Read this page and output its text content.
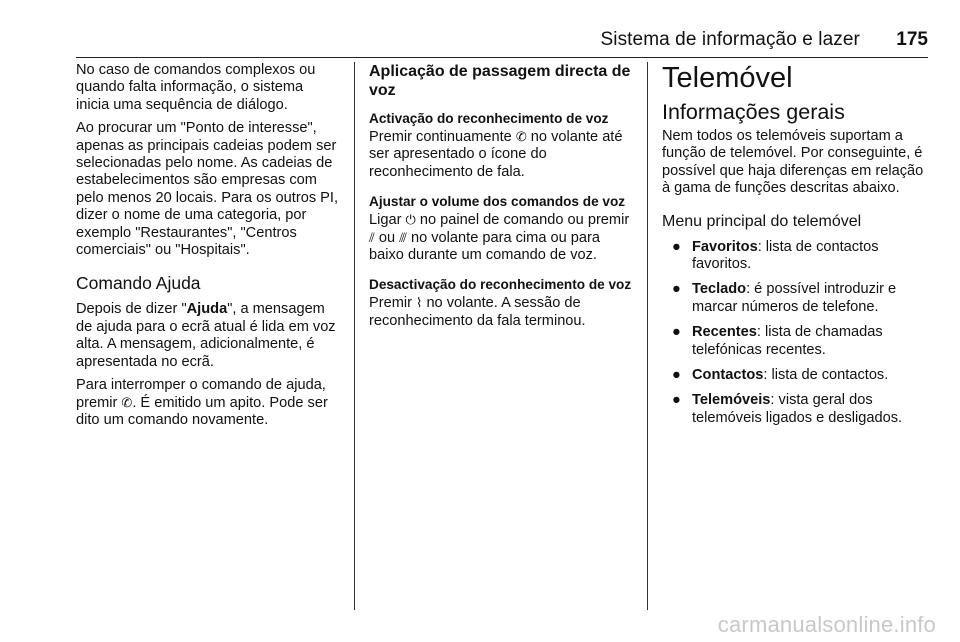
Sistema de informação e lazer 175

No caso de comandos complexos ou quando falta informação, o sistema inicia uma sequência de diálogo.

Ao procurar um "Ponto de interesse", apenas as principais cadeias podem ser selecionadas pelo nome. As cadeias de estabelecimentos são empresas com pelo menos 20 locais. Para os outros PI, dizer o nome de uma categoria, por exemplo "Restaurantes", "Centros comerciais" ou "Hospitais".

Comando Ajuda

Depois de dizer "Ajuda", a mensagem de ajuda para o ecrã atual é lida em voz alta. A mensagem, adicionalmente, é apresentada no ecrã.

Para interromper o comando de ajuda, premir ✆. É emitido um apito. Pode ser dito um comando novamente.

Aplicação de passagem directa de voz
Activação do reconhecimento de voz

Premir continuamente ✆ no volante até ser apresentado o ícone do reconhecimento de fala.

Ajustar o volume dos comandos de voz

Ligar ⏻ no painel de comando ou premir ⫽ ou ⫻ no volante para cima ou para baixo durante um comando de voz.

Desactivação do reconhecimento de voz

Premir ⌇ no volante. A sessão de reconhecimento da fala terminou.

Telemóvel
Informações gerais

Nem todos os telemóveis suportam a função de telemóvel. Por conseguinte, é possível que haja diferenças em relação à gama de funções descritas abaixo.

Menu principal do telemóvel
● Favoritos: lista de contactos favoritos.
● Teclado: é possível introduzir e marcar números de telefone.
● Recentes: lista de chamadas telefónicas recentes.
● Contactos: lista de contactos.
● Telemóveis: vista geral dos telemóveis ligados e desligados.
carmanualsonline.info
